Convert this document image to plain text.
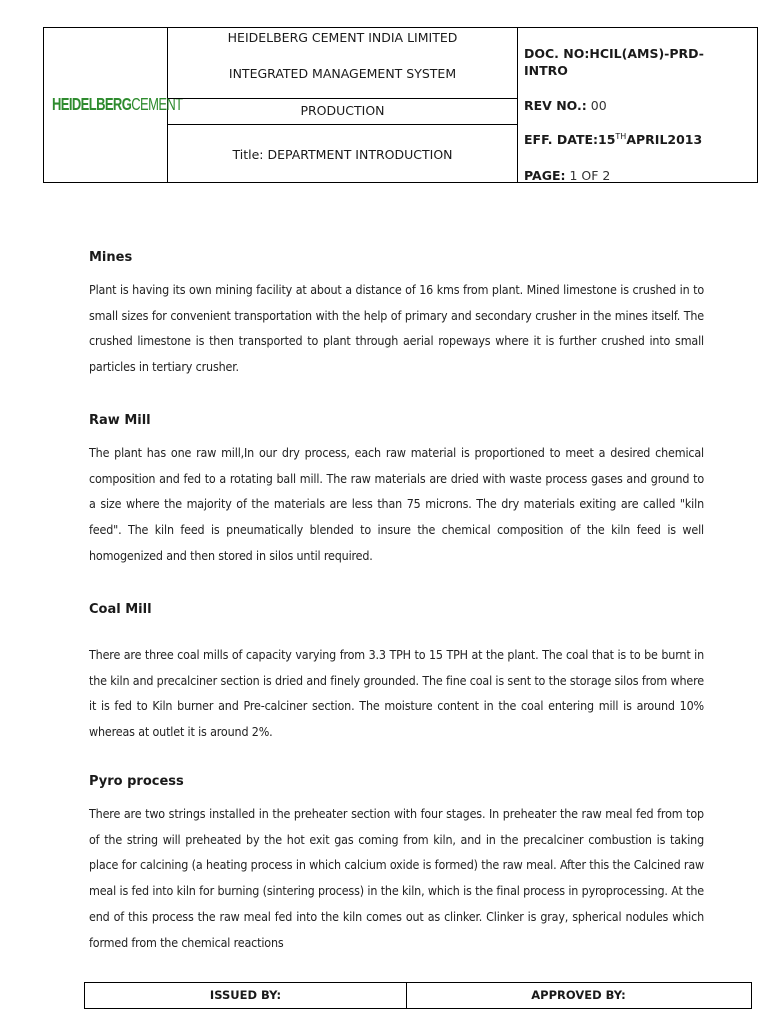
HEIDELBERGCEMENT
HEIDELBERG CEMENT INDIA LIMITED
INTEGRATED MANAGEMENT SYSTEM
PRODUCTION
Title: DEPARTMENT INTRODUCTION
DOC. NO:HCIL(AMS)-PRD-
INTRO
REV NO.: 00
EFF. DATE:15THAPRIL2013
PAGE: 1 OF 2
Mines

Plant is having its own mining facility at about a distance of 16 kms from plant. Mined limestone is crushed in to small sizes for convenient transportation with the help of primary and secondary crusher in the mines itself. The crushed limestone is then transported to plant through aerial ropeways where it is further crushed into small particles in tertiary crusher.

Raw Mill

The plant has one raw mill,In our dry process, each raw material is proportioned to meet a desired chemical composition and fed to a rotating ball mill. The raw materials are dried with waste process gases and ground to a size where the majority of the materials are less than 75 microns. The dry materials exiting are called "kiln feed". The kiln feed is pneumatically blended to insure the chemical composition of the kiln feed is well homogenized and then stored in silos until required.

Coal Mill

There are three coal mills of capacity varying from 3.3 TPH to 15 TPH at the plant. The coal that is to be burnt in the kiln and precalciner section is dried and finely grounded. The fine coal is sent to the storage silos from where it is fed to Kiln burner and Pre-calciner section. The moisture content in the coal entering mill is around 10% whereas at outlet it is around 2%.

Pyro process

There are two strings installed in the preheater section with four stages. In preheater the raw meal fed from top of the string will preheated by the hot exit gas coming from kiln, and in the precalciner combustion is taking place for calcining (a heating process in which calcium oxide is formed) the raw meal. After this the Calcined raw meal is fed into kiln for burning (sintering process) in the kiln, which is the final process in pyroprocessing. At the end of this process the raw meal fed into the kiln comes out as clinker. Clinker is gray, spherical nodules which formed from the chemical reactions

ISSUED BY:	APPROVED BY:
